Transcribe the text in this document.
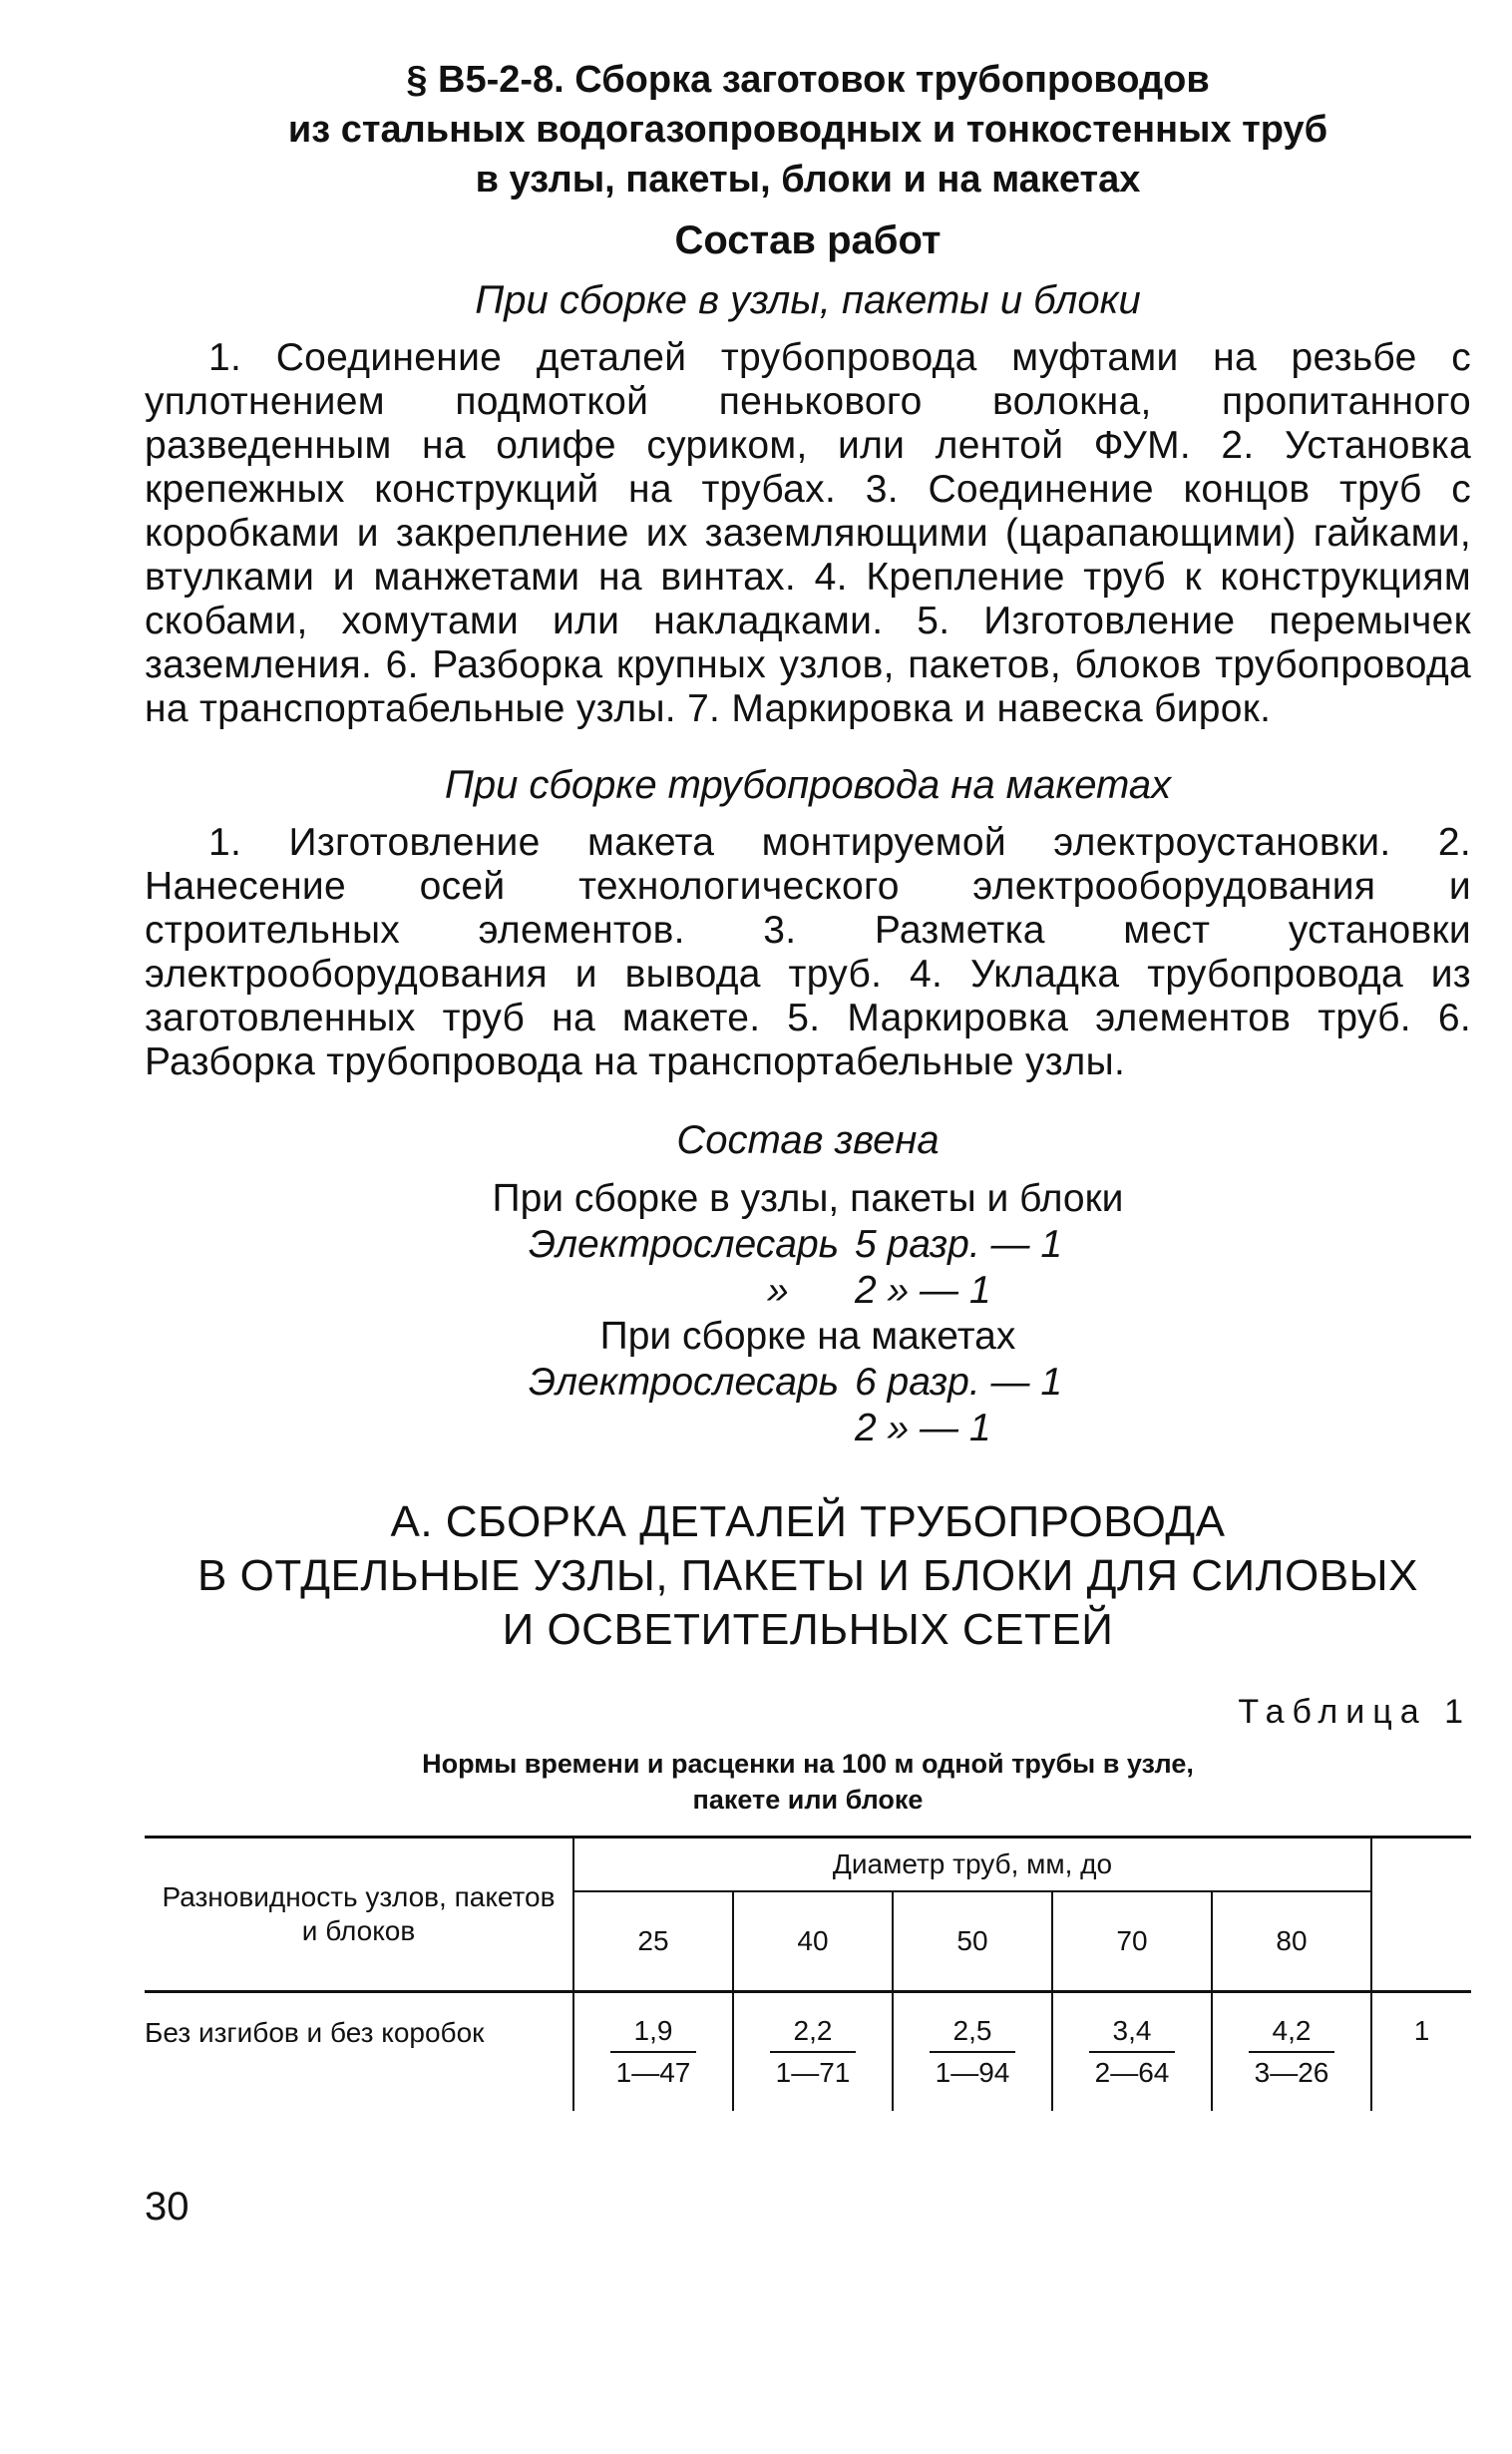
§ В5-2-8. Сборка заготовок трубопроводов

из стальных водогазопроводных и тонкостенных труб

в узлы, пакеты, блоки и на макетах

Состав работ

При сборке в узлы, пакеты и блоки

1. Соединение деталей трубопровода муфтами на резьбе с уплотнением подмоткой пенькового волокна, пропитанного разведенным на олифе суриком, или лентой ФУМ. 2. Установка крепежных конструкций на трубах. 3. Соединение концов труб с коробками и закрепление их заземляющими (царапающими) гайками, втулками и манжетами на винтах. 4. Крепление труб к конструкциям скобами, хомутами или накладками. 5. Изготовление перемычек заземления. 6. Разборка крупных узлов, пакетов, блоков трубопровода на транспортабельные узлы. 7. Маркировка и навеска бирок.

При сборке трубопровода на макетах

1. Изготовление макета монтируемой электроустановки. 2. Нанесение осей технологического электрооборудования и строительных элементов. 3. Разметка мест установки электрооборудования и вывода труб. 4. Укладка трубопровода из заготовленных труб на макете. 5. Маркировка элементов труб. 6. Разборка трубопровода на транспортабельные узлы.

Состав звена

При сборке в узлы, пакеты и блоки

Электрослесарь 5 разр. — 1
» 2 » — 1

При сборке на макетах

Электрослесарь 6 разр. — 1
2 » — 1

А. СБОРКА ДЕТАЛЕЙ ТРУБОПРОВОДА

В ОТДЕЛЬНЫЕ УЗЛЫ, ПАКЕТЫ И БЛОКИ ДЛЯ СИЛОВЫХ

И ОСВЕТИТЕЛЬНЫХ СЕТЕЙ

Таблица 1

Нормы времени и расценки на 100 м одной трубы в узле,

пакете или блоке

Разновидность узлов, пакетов и блоков	Диаметр труб, мм, до					
	25	40	50	70	80	
Без изгибов и без коробок	$\frac{1,9}{1—47}$	$\frac{2,2}{1—71}$	$\frac{2,5}{1—94}$	$\frac{3,4}{2—64}$	$\frac{4,2}{3—26}$	1
30
